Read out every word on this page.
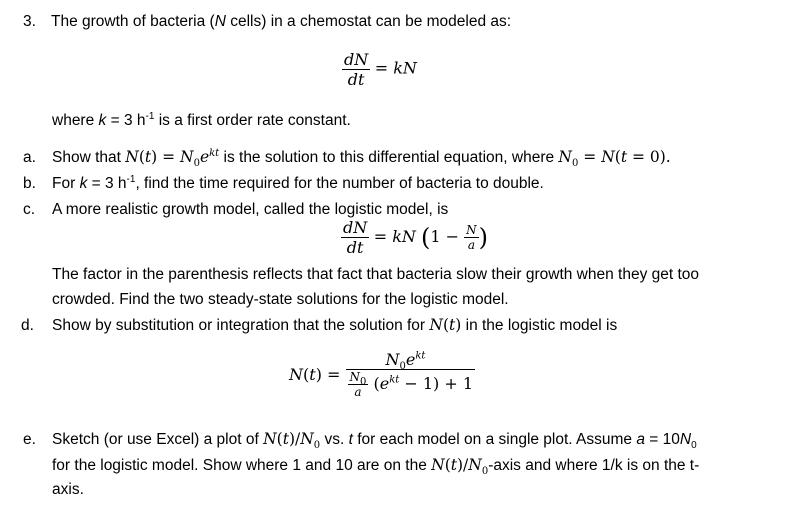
3. The growth of bacteria (N cells) in a chemostat can be modeled as:
$\frac{dN}{dt}$ = kN
where k = 3 $h^{-1}$ is a first order rate constant.
a. Show that $N(t) = N_0e^{kt}$ is the solution to this differential equation, where $N_0 = N(t = 0)$.
b. For k = 3 $h^{-1}$, find the time required for the number of bacteria to double.
c. A more realistic growth model, called the logistic model, is
$\frac{dN}{dt}$ = kN ($1 - \frac{N}{a}$ )
The factor in the parenthesis reflects that fact that bacteria slow their growth when they get too
crowded. Find the two steady-state solutions for the logistic model.
d. Show by substitution or integration that the solution for N(t) in the logistic model is
$N(t) = \frac{N_0e^{kt}}{\frac{N_0}{a} (e^{kt} - 1) + 1}$
e. Sketch (or use Excel) a plot of $N(t)/N_0$ vs. t for each model on a single plot. Assume $a = 10N_0$
for the logistic model. Show where 1 and 10 are on the $N(t)/N_0$-axis and where 1/k is on the t-
axis.
